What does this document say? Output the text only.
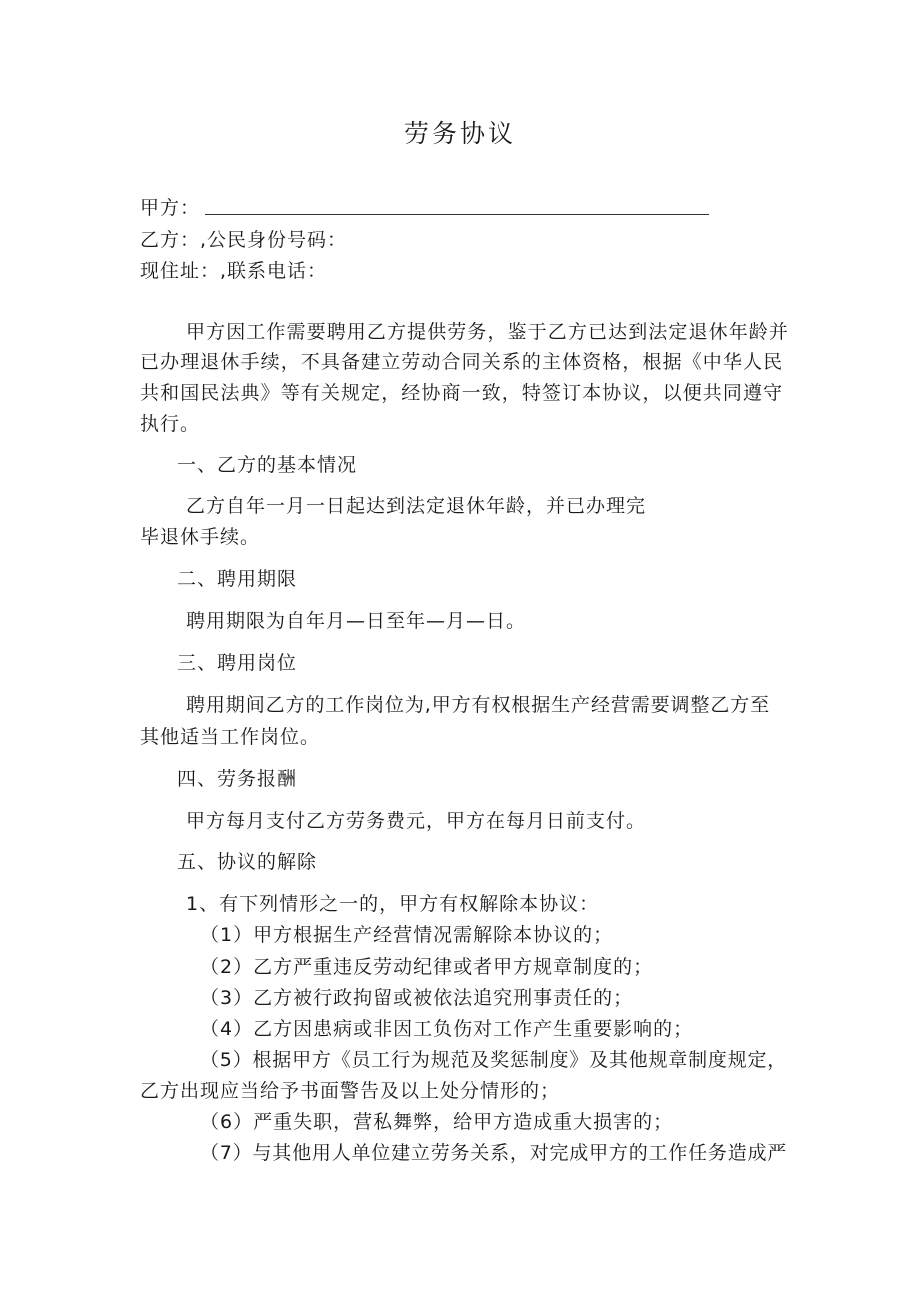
劳务协议
甲方：
乙方：,公民身份号码：
现住址：,联系电话：
甲方因工作需要聘用乙方提供劳务，鉴于乙方已达到法定退休年龄并
已办理退休手续，不具备建立劳动合同关系的主体资格，根据《中华人民
共和国民法典》等有关规定，经协商一致，特签订本协议，以便共同遵守
执行。
一、乙方的基本情况
乙方自年一月一日起达到法定退休年龄，并已办理完
毕退休手续。
二、聘用期限
聘用期限为自年月—日至年—月—日。
三、聘用岗位
聘用期间乙方的工作岗位为,甲方有权根据生产经营需要调整乙方至
其他适当工作岗位。
四、劳务报酬
甲方每月支付乙方劳务费元，甲方在每月日前支付。
五、协议的解除
1、有下列情形之一的，甲方有权解除本协议：
（1）甲方根据生产经营情况需解除本协议的；
（2）乙方严重违反劳动纪律或者甲方规章制度的；
（3）乙方被行政拘留或被依法追究刑事责任的；
（4）乙方因患病或非因工负伤对工作产生重要影响的；
（5）根据甲方《员工行为规范及奖惩制度》及其他规章制度规定，
乙方出现应当给予书面警告及以上处分情形的；
（6）严重失职，营私舞弊，给甲方造成重大损害的；
（7）与其他用人单位建立劳务关系，对完成甲方的工作任务造成严
